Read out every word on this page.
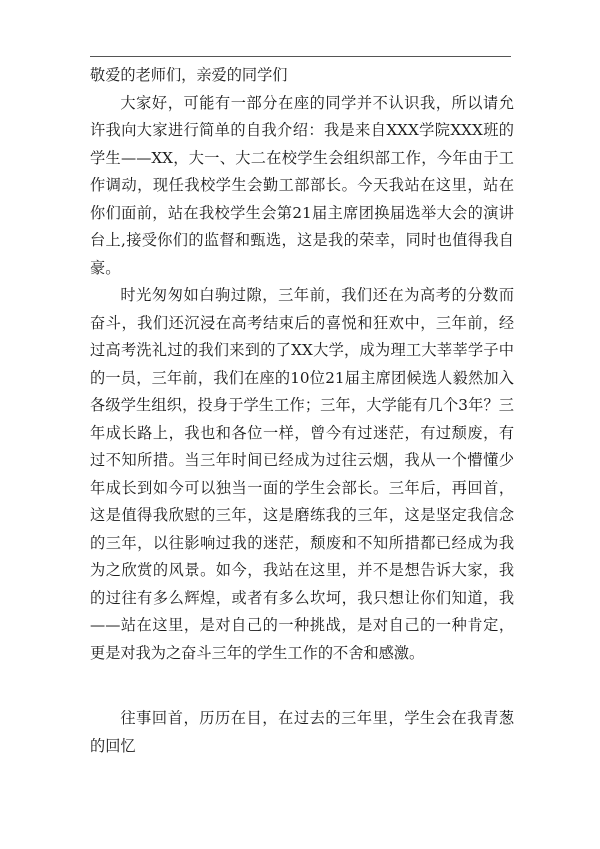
敬爱的老师们，亲爱的同学们

大家好，可能有一部分在座的同学并不认识我，所以请允许我向大家进行简单的自我介绍：我是来自XXX学院XXX班的学生——XX，大一、大二在校学生会组织部工作，今年由于工作调动，现任我校学生会勤工部部长。今天我站在这里，站在你们面前，站在我校学生会第21届主席团换届选举大会的演讲台上,接受你们的监督和甄选，这是我的荣幸，同时也值得我自豪。

时光匆匆如白驹过隙，三年前，我们还在为高考的分数而奋斗，我们还沉浸在高考结束后的喜悦和狂欢中，三年前，经过高考洗礼过的我们来到的了XX大学，成为理工大莘莘学子中的一员，三年前，我们在座的10位21届主席团候选人毅然加入各级学生组织，投身于学生工作；三年，大学能有几个3年？三年成长路上，我也和各位一样，曾今有过迷茫，有过颓废，有过不知所措。当三年时间已经成为过往云烟，我从一个懵懂少年成长到如今可以独当一面的学生会部长。三年后，再回首，这是值得我欣慰的三年，这是磨练我的三年，这是坚定我信念的三年，以往影响过我的迷茫，颓废和不知所措都已经成为我为之欣赏的风景。如今，我站在这里，并不是想告诉大家，我的过往有多么辉煌，或者有多么坎坷，我只想让你们知道，我——站在这里，是对自己的一种挑战，是对自己的一种肯定，更是对我为之奋斗三年的学生工作的不舍和感激。

往事回首，历历在目，在过去的三年里，学生会在我青葱的回忆
